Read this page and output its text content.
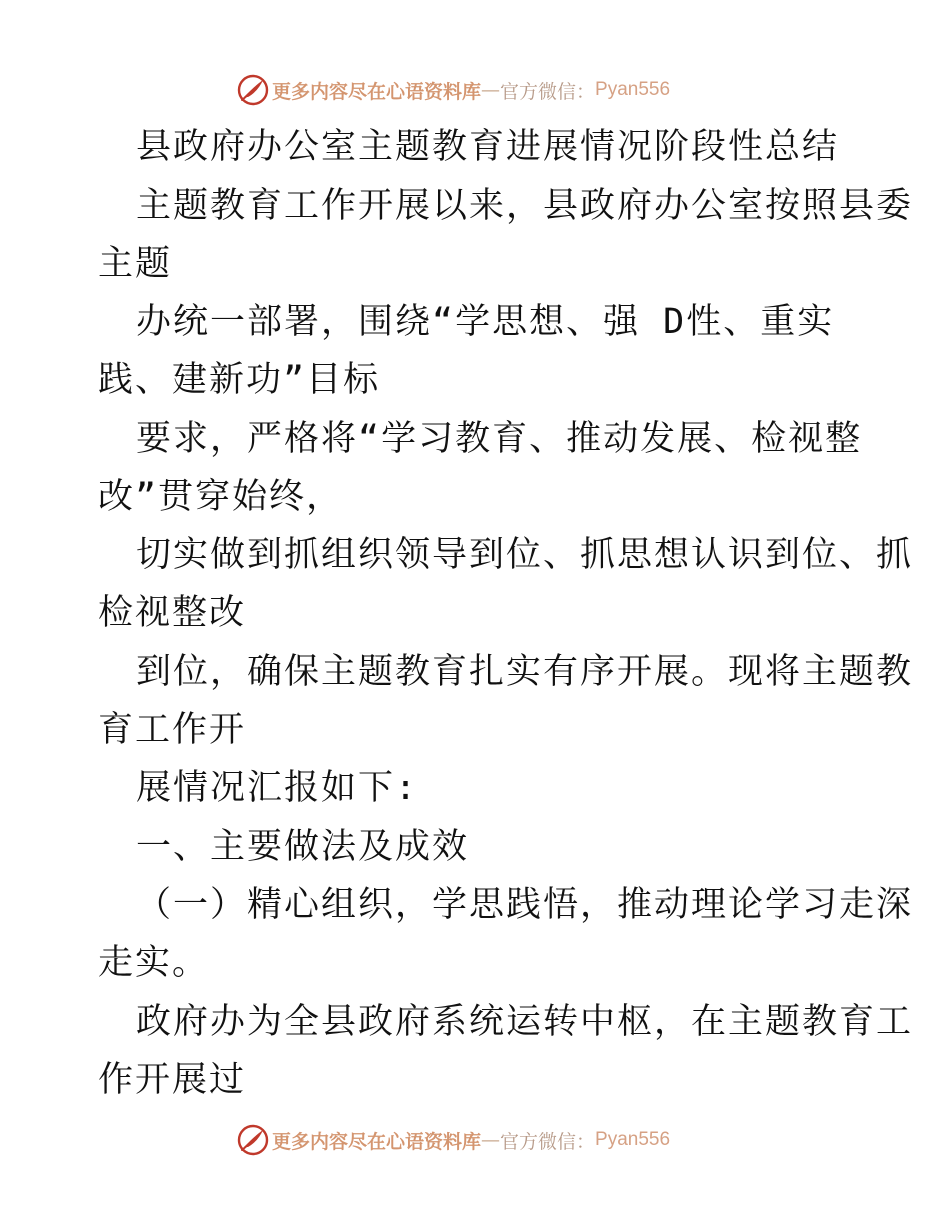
更多内容尽在心语资料库 — 官方微信： Pyan556
县政府办公室主题教育进展情况阶段性总结
主题教育工作开展以来，县政府办公室按照县委
主题
办统一部署，围绕“学思想、强 D性、重实
践、建新功”目标
要求，严格将“学习教育、推动发展、检视整
改”贯穿始终，
切实做到抓组织领导到位、抓思想认识到位、抓
检视整改
到位，确保主题教育扎实有序开展。现将主题教
育工作开
展情况汇报如下:
一、主要做法及成效
（一）精心组织，学思践悟，推动理论学习走深
走实。
政府办为全县政府系统运转中枢，在主题教育工
作开展过
更多内容尽在心语资料库 — 官方微信： Pyan556
